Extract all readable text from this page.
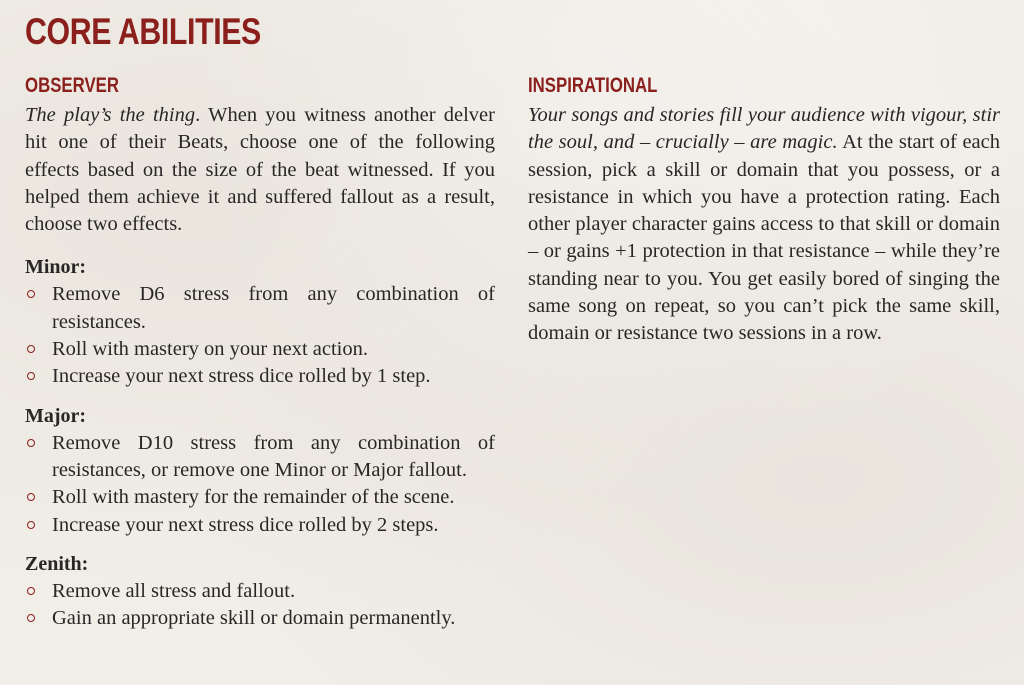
CORE ABILITIES
OBSERVER

The play’s the thing. When you witness another delver hit one of their Beats, choose one of the following effects based on the size of the beat witnessed. If you helped them achieve it and suffered fallout as a result, choose two effects.

Minor:
Remove D6 stress from any combination of resistances.
Roll with mastery on your next action.
Increase your next stress dice rolled by 1 step.
Major:
Remove D10 stress from any combination of resistances, or remove one Minor or Major fallout.
Roll with mastery for the remainder of the scene.
Increase your next stress dice rolled by 2 steps.
Zenith:
Remove all stress and fallout.
Gain an appropriate skill or domain permanently.
INSPIRATIONAL

Your songs and stories fill your audience with vigour, stir the soul, and – crucially – are magic. At the start of each session, pick a skill or domain that you possess, or a resistance in which you have a protection rating. Each other player character gains access to that skill or domain – or gains +1 protection in that resistance – while they’re standing near to you. You get easily bored of singing the same song on repeat, so you can’t pick the same skill, domain or resistance two sessions in a row.
